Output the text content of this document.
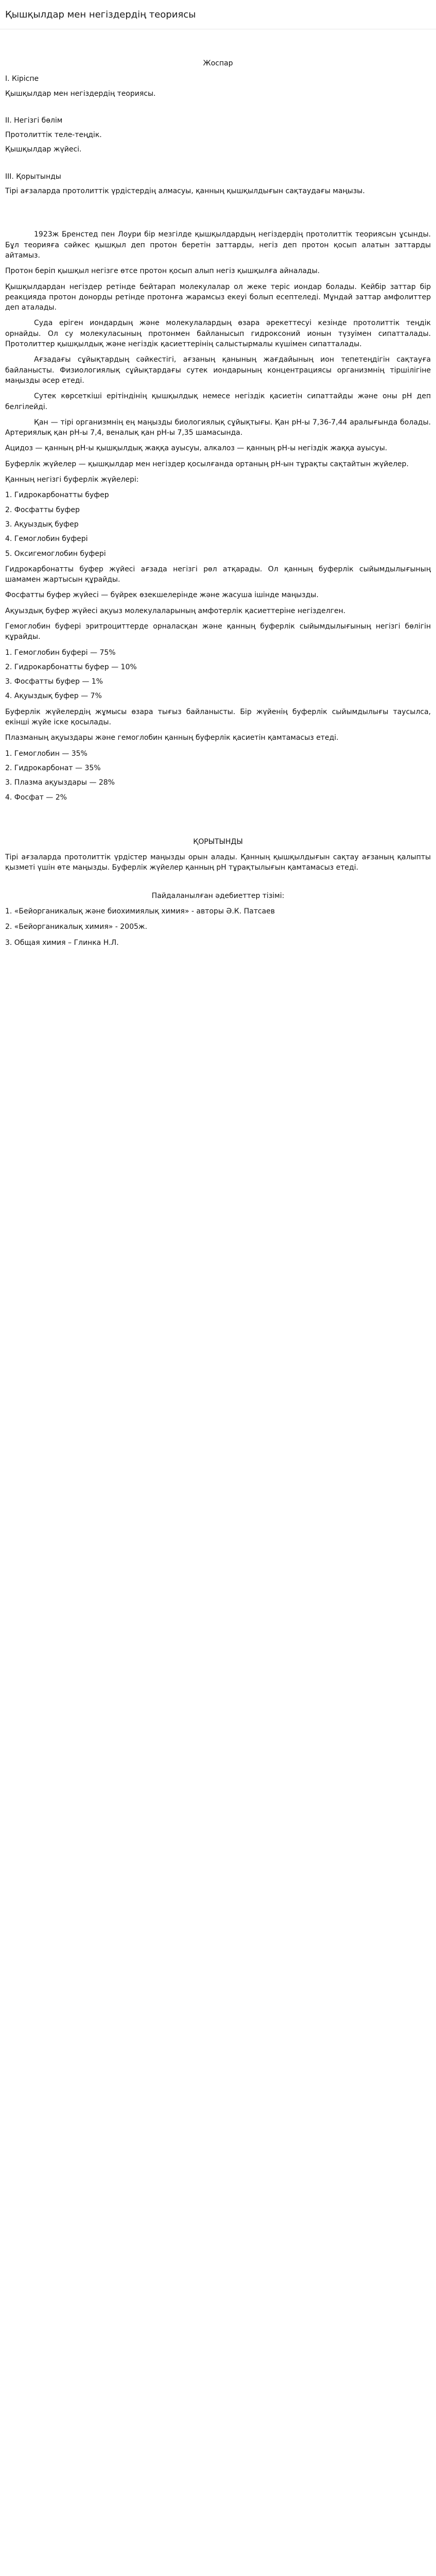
Қышқылдар мен негіздердің теориясы

Жоспар

I. Кіріспе

Қышқылдар мен негіздердің теориясы.

II. Негізгі бөлім

Протолиттік теле-теңдік.

Қышқылдар жүйесі.

III. Қорытынды

Тірі ағзаларда протолиттік үрдістердің алмасуы, қанның қышқылдығын сақтаудағы маңызы.

1923ж Бренстед пен Лоури бір мезгілде қышқылдардың негіздердің протолиттік теориясын ұсынды. Бұл теорияға сәйкес қышқыл деп протон беретін заттарды, негіз деп протон қосып алатын заттарды айтамыз.

Протон беріп қышқыл негізге өтсе протон қосып алып негіз қышқылға айналады.

Қышқылдардан негіздер ретінде бейтарап молекулалар ол жеке теріс иондар болады. Кейбір заттар бір реакцияда протон донорды ретінде протонға жарамсыз екеуі болып есептеледі. Мұндай заттар амфолиттер деп аталады.

Суда еріген иондардың және молекулалардың өзара әрекеттесуі кезінде протолиттік теңдік орнайды. Ол су молекуласының протонмен байланысып гидроксоний ионын түзуімен сипатталады. Протолиттер қышқылдық және негіздік қасиеттерінің салыстырмалы күшімен сипатталады.

Ағзадағы сұйықтардың сәйкестігі, ағзаның қанының жағдайының ион тепетеңдігін сақтауға байланысты. Физиологиялық сұйықтардағы сутек иондарының концентрациясы организмнің тіршілігіне маңызды әсер етеді.

Сутек көрсеткіші ерітіндінің қышқылдық немесе негіздік қасиетін сипаттайды және оны рН деп белгілейді.

Қан — тірі организмнің ең маңызды биологиялық сұйықтығы. Қан рН-ы 7,36-7,44 аралығында болады. Артериялық қан рН-ы 7,4, веналық қан рН-ы 7,35 шамасында.

Ацидоз — қанның рН-ы қышқылдық жаққа ауысуы, алкалоз — қанның рН-ы негіздік жаққа ауысуы.

Буферлік жүйелер — қышқылдар мен негіздер қосылғанда ортаның рН-ын тұрақты сақтайтын жүйелер.

Қанның негізгі буферлік жүйелері:

1. Гидрокарбонатты буфер
2. Фосфатты буфер
3. Ақуыздық буфер
4. Гемоглобин буфері
5. Оксигемоглобин буфері

Гидрокарбонатты буфер жүйесі ағзада негізгі рөл атқарады. Ол қанның буферлік сыйымдылығының шамамен жартысын құрайды.

Фосфатты буфер жүйесі — бүйрек өзекшелерінде және жасуша ішінде маңызды.

Ақуыздық буфер жүйесі ақуыз молекулаларының амфотерлік қасиеттеріне негізделген.

Гемоглобин буфері эритроциттерде орналасқан және қанның буферлік сыйымдылығының негізгі бөлігін құрайды.

1. Гемоглобин буфері — 75%
2. Гидрокарбонатты буфер — 10%
3. Фосфатты буфер — 1%
4. Ақуыздық буфер — 7%

Буферлік жүйелердің жұмысы өзара тығыз байланысты. Бір жүйенің буферлік сыйымдылығы таусылса, екінші жүйе іске қосылады.

Плазманың ақуыздары және гемоглобин қанның буферлік қасиетін қамтамасыз етеді.

1. Гемоглобин — 35%
2. Гидрокарбонат — 35%
3. Плазма ақуыздары — 28%
4. Фосфат — 2%

ҚОРЫТЫНДЫ

Тірі ағзаларда протолиттік үрдістер маңызды орын алады. Қанның қышқылдығын сақтау ағзаның қалыпты қызметі үшін өте маңызды. Буферлік жүйелер қанның рН тұрақтылығын қамтамасыз етеді.

Пайдаланылған әдебиеттер тізімі:

1. «Бейорганикалық және биохимиялық химия» - авторы Ә.К. Патсаев
2. «Бейорганикалық химия» - 2005ж.
3. Общая химия – Глинка Н.Л.
